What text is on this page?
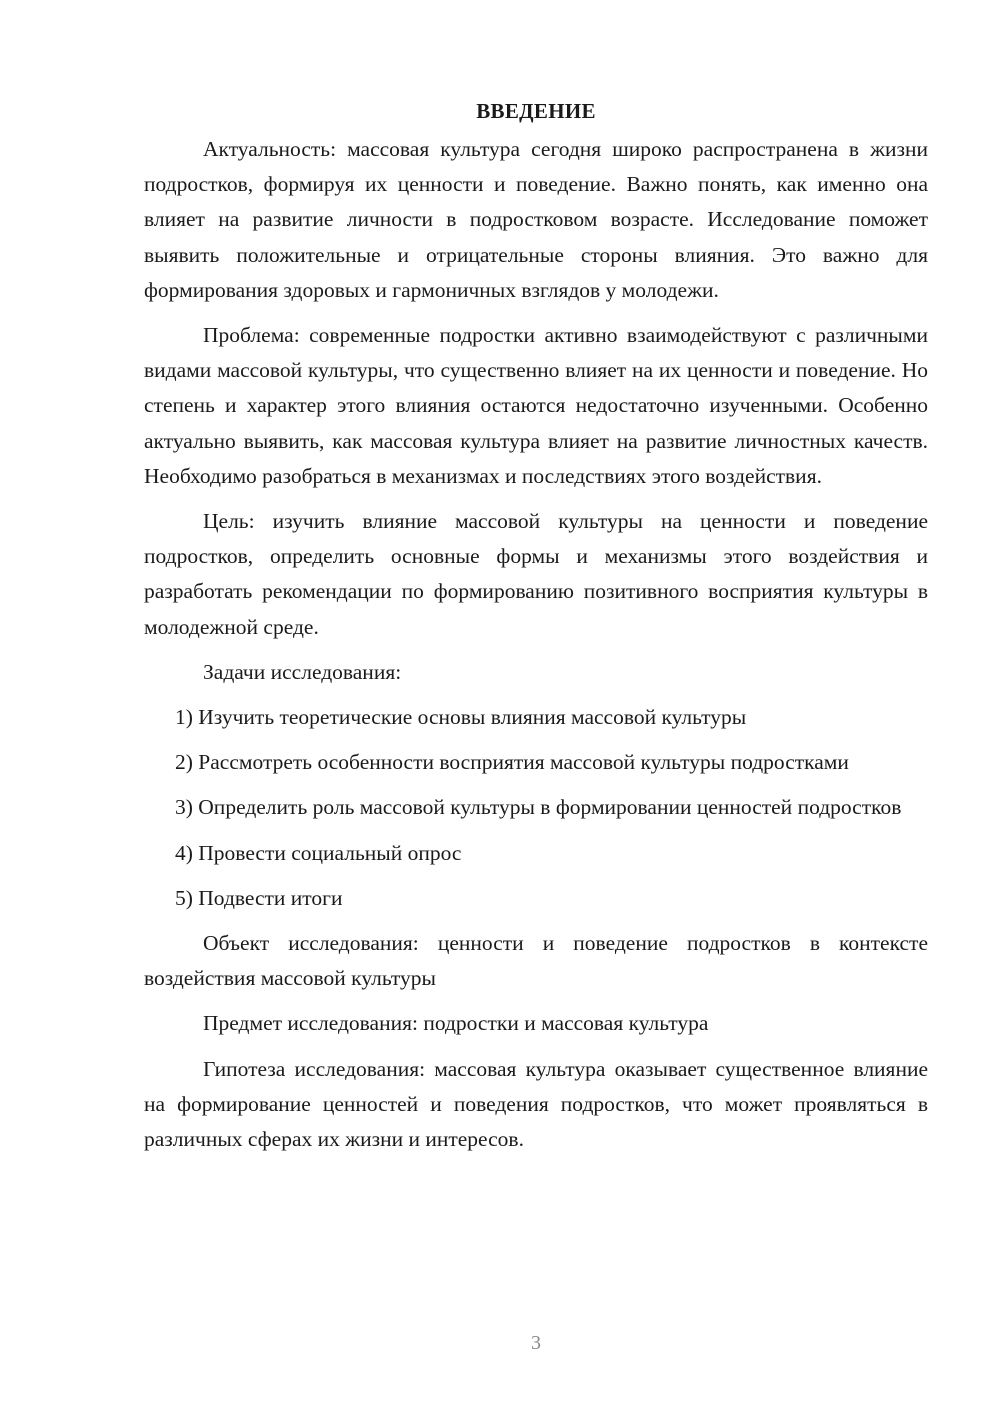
ВВЕДЕНИЕ

Актуальность: массовая культура сегодня широко распространена в жизни подростков, формируя их ценности и поведение. Важно понять, как именно она влияет на развитие личности в подростковом возрасте. Исследование поможет выявить положительные и отрицательные стороны влияния. Это важно для формирования здоровых и гармоничных взглядов у молодежи.

Проблема: современные подростки активно взаимодействуют с различными видами массовой культуры, что существенно влияет на их ценности и поведение. Но степень и характер этого влияния остаются недостаточно изученными. Особенно актуально выявить, как массовая культура влияет на развитие личностных качеств. Необходимо разобраться в механизмах и последствиях этого воздействия.

Цель: изучить влияние массовой культуры на ценности и поведение подростков, определить основные формы и механизмы этого воздействия и разработать рекомендации по формированию позитивного восприятия культуры в молодежной среде.

Задачи исследования:

1) Изучить теоретические основы влияния массовой культуры

2) Рассмотреть особенности восприятия массовой культуры подростками

3) Определить роль массовой культуры в формировании ценностей подростков

4) Провести социальный опрос

5) Подвести итоги

Объект исследования: ценности и поведение подростков в контексте воздействия массовой культуры

Предмет исследования: подростки и массовая культура

Гипотеза исследования: массовая культура оказывает существенное влияние на формирование ценностей и поведения подростков, что может проявляться в различных сферах их жизни и интересов.

3
